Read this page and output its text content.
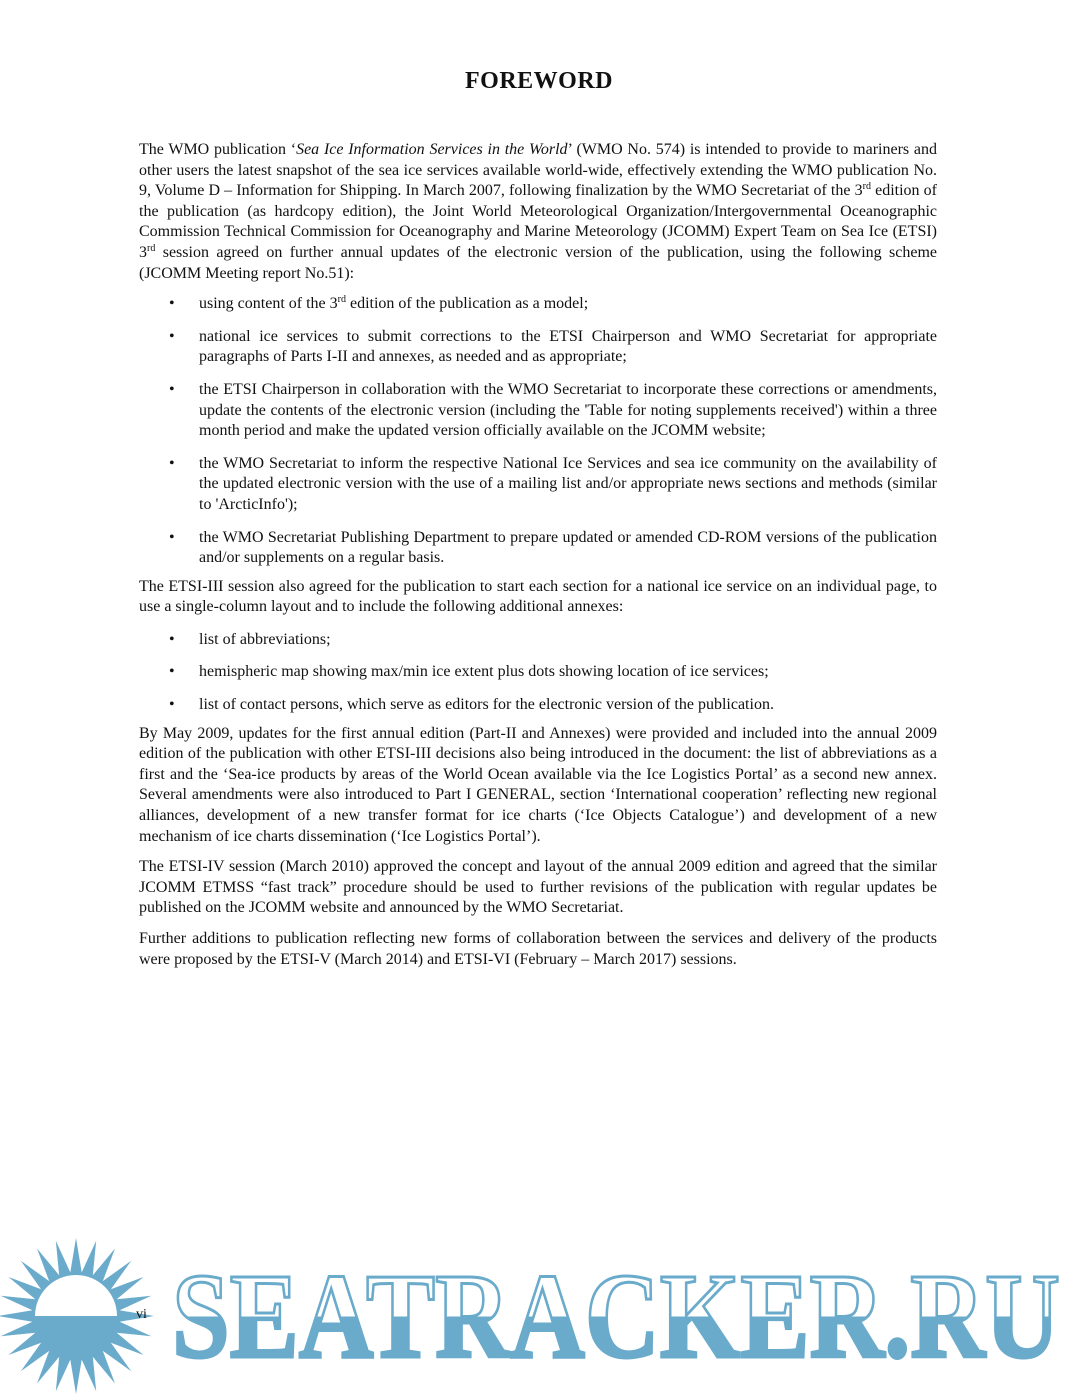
FOREWORD

The WMO publication ‘Sea Ice Information Services in the World’ (WMO No. 574) is intended to provide to mariners and other users the latest snapshot of the sea ice services available world-wide, effectively extending the WMO publication No. 9, Volume D – Information for Shipping. In March 2007, following finalization by the WMO Secretariat of the 3rd edition of the publication (as hardcopy edition), the Joint World Meteorological Organization/Intergovernmental Oceanographic Commission Technical Commission for Oceanography and Marine Meteorology (JCOMM) Expert Team on Sea Ice (ETSI) 3rd session agreed on further annual updates of the electronic version of the publication, using the following scheme (JCOMM Meeting report No.51):

• using content of the 3rd edition of the publication as a model;
• national ice services to submit corrections to the ETSI Chairperson and WMO Secretariat for appropriate paragraphs of Parts I-II and annexes, as needed and as appropriate;
• the ETSI Chairperson in collaboration with the WMO Secretariat to incorporate these corrections or amendments, update the contents of the electronic version (including the 'Table for noting supplements received') within a three month period and make the updated version officially available on the JCOMM website;
• the WMO Secretariat to inform the respective National Ice Services and sea ice community on the availability of the updated electronic version with the use of a mailing list and/or appropriate news sections and methods (similar to 'ArcticInfo');
• the WMO Secretariat Publishing Department to prepare updated or amended CD-ROM versions of the publication and/or supplements on a regular basis.

The ETSI-III session also agreed for the publication to start each section for a national ice service on an individual page, to use a single-column layout and to include the following additional annexes:

• list of abbreviations;
• hemispheric map showing max/min ice extent plus dots showing location of ice services;
• list of contact persons, which serve as editors for the electronic version of the publication.

By May 2009, updates for the first annual edition (Part-II and Annexes) were provided and included into the annual 2009 edition of the publication with other ETSI-III decisions also being introduced in the document: the list of abbreviations as a first and the ‘Sea-ice products by areas of the World Ocean available via the Ice Logistics Portal’ as a second new annex. Several amendments were also introduced to Part I GENERAL, section ‘International cooperation’ reflecting new regional alliances, development of a new transfer format for ice charts (‘Ice Objects Catalogue’) and development of a new mechanism of ice charts dissemination (‘Ice Logistics Portal’).

The ETSI-IV session (March 2010) approved the concept and layout of the annual 2009 edition and agreed that the similar JCOMM ETMSS “fast track” procedure should be used to further revisions of the publication with regular updates be published on the JCOMM website and announced by the WMO Secretariat.

Further additions to publication reflecting new forms of collaboration between the services and delivery of the products were proposed by the ETSI-V (March 2014) and ETSI-VI (February – March 2017) sessions.

SEATRACKER.RU
vi
